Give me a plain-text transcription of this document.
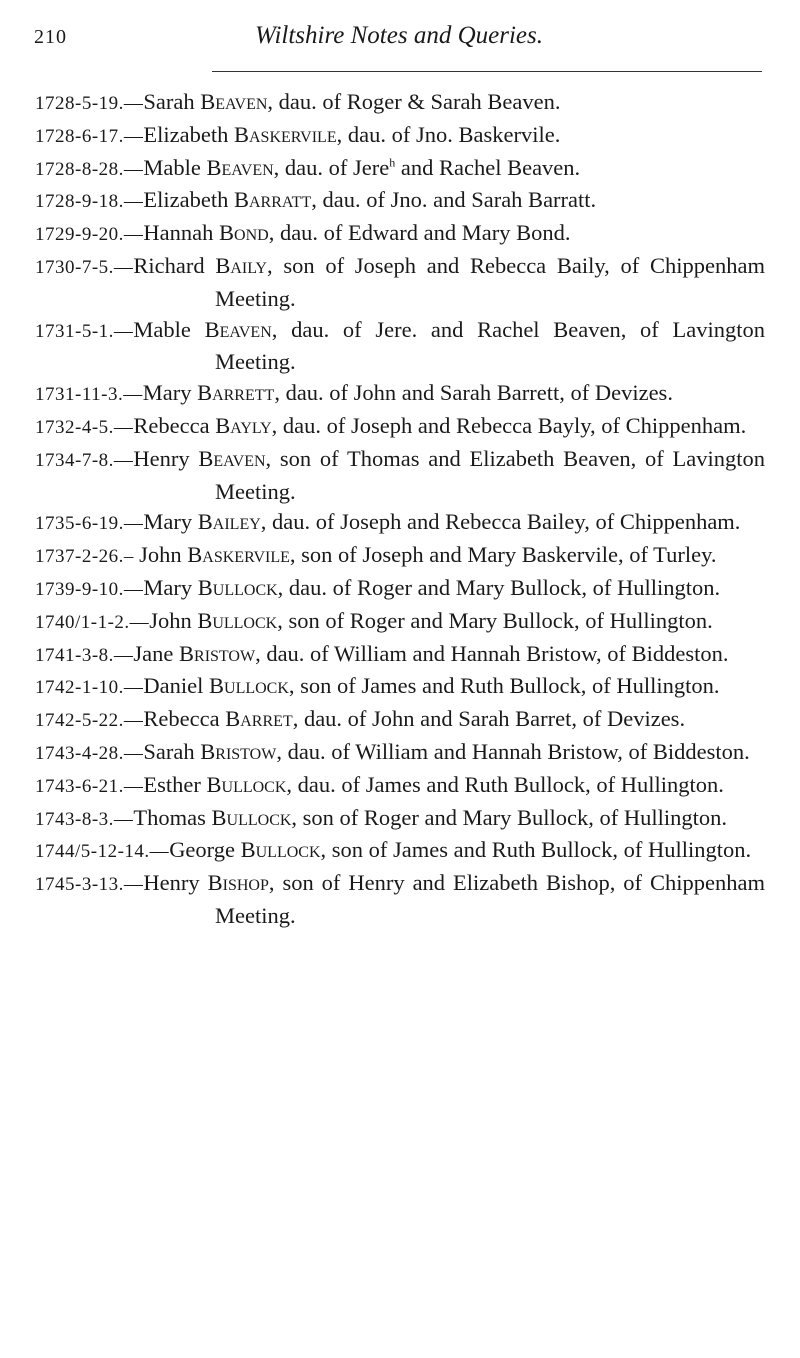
210	Wiltshire Notes and Queries.

1728-5-19.—Sarah Beaven, dau. of Roger & Sarah Beaven.

1728-6-17.—Elizabeth Baskervile, dau. of Jno. Baskervile.

1728-8-28.—Mable Beaven, dau. of Jere$^h$ and Rachel Beaven.

1728-9-18.—Elizabeth Barratt, dau. of Jno. and Sarah Barratt.

1729-9-20.—Hannah Bond, dau. of Edward and Mary Bond.

1730-7-5.—Richard Baily, son of Joseph and Rebecca Baily, of Chippenham Meeting.

1731-5-1.—Mable Beaven, dau. of Jere. and Rachel Beaven, of Lavington Meeting.

1731-11-3.—Mary Barrett, dau. of John and Sarah Barrett, of Devizes.

1732-4-5.—Rebecca Bayly, dau. of Joseph and Rebecca Bayly, of Chippenham.

1734-7-8.—Henry Beaven, son of Thomas and Elizabeth Beaven, of Lavington Meeting.

1735-6-19.—Mary Bailey, dau. of Joseph and Rebecca Bailey, of Chippenham.

1737-2-26.– John Baskervile, son of Joseph and Mary Baskervile, of Turley.

1739-9-10.—Mary Bullock, dau. of Roger and Mary Bullock, of Hullington.

1740/1-1-2.—John Bullock, son of Roger and Mary Bullock, of Hullington.

1741-3-8.—Jane Bristow, dau. of William and Hannah Bristow, of Biddeston.

1742-1-10.—Daniel Bullock, son of James and Ruth Bullock, of Hullington.

1742-5-22.—Rebecca Barret, dau. of John and Sarah Barret, of Devizes.

1743-4-28.—Sarah Bristow, dau. of William and Hannah Bristow, of Biddeston.

1743-6-21.—Esther Bullock, dau. of James and Ruth Bullock, of Hullington.

1743-8-3.—Thomas Bullock, son of Roger and Mary Bullock, of Hullington.

1744/5-12-14.—George Bullock, son of James and Ruth Bullock, of Hullington.

1745-3-13.—Henry Bishop, son of Henry and Elizabeth Bishop, of Chippenham Meeting.
